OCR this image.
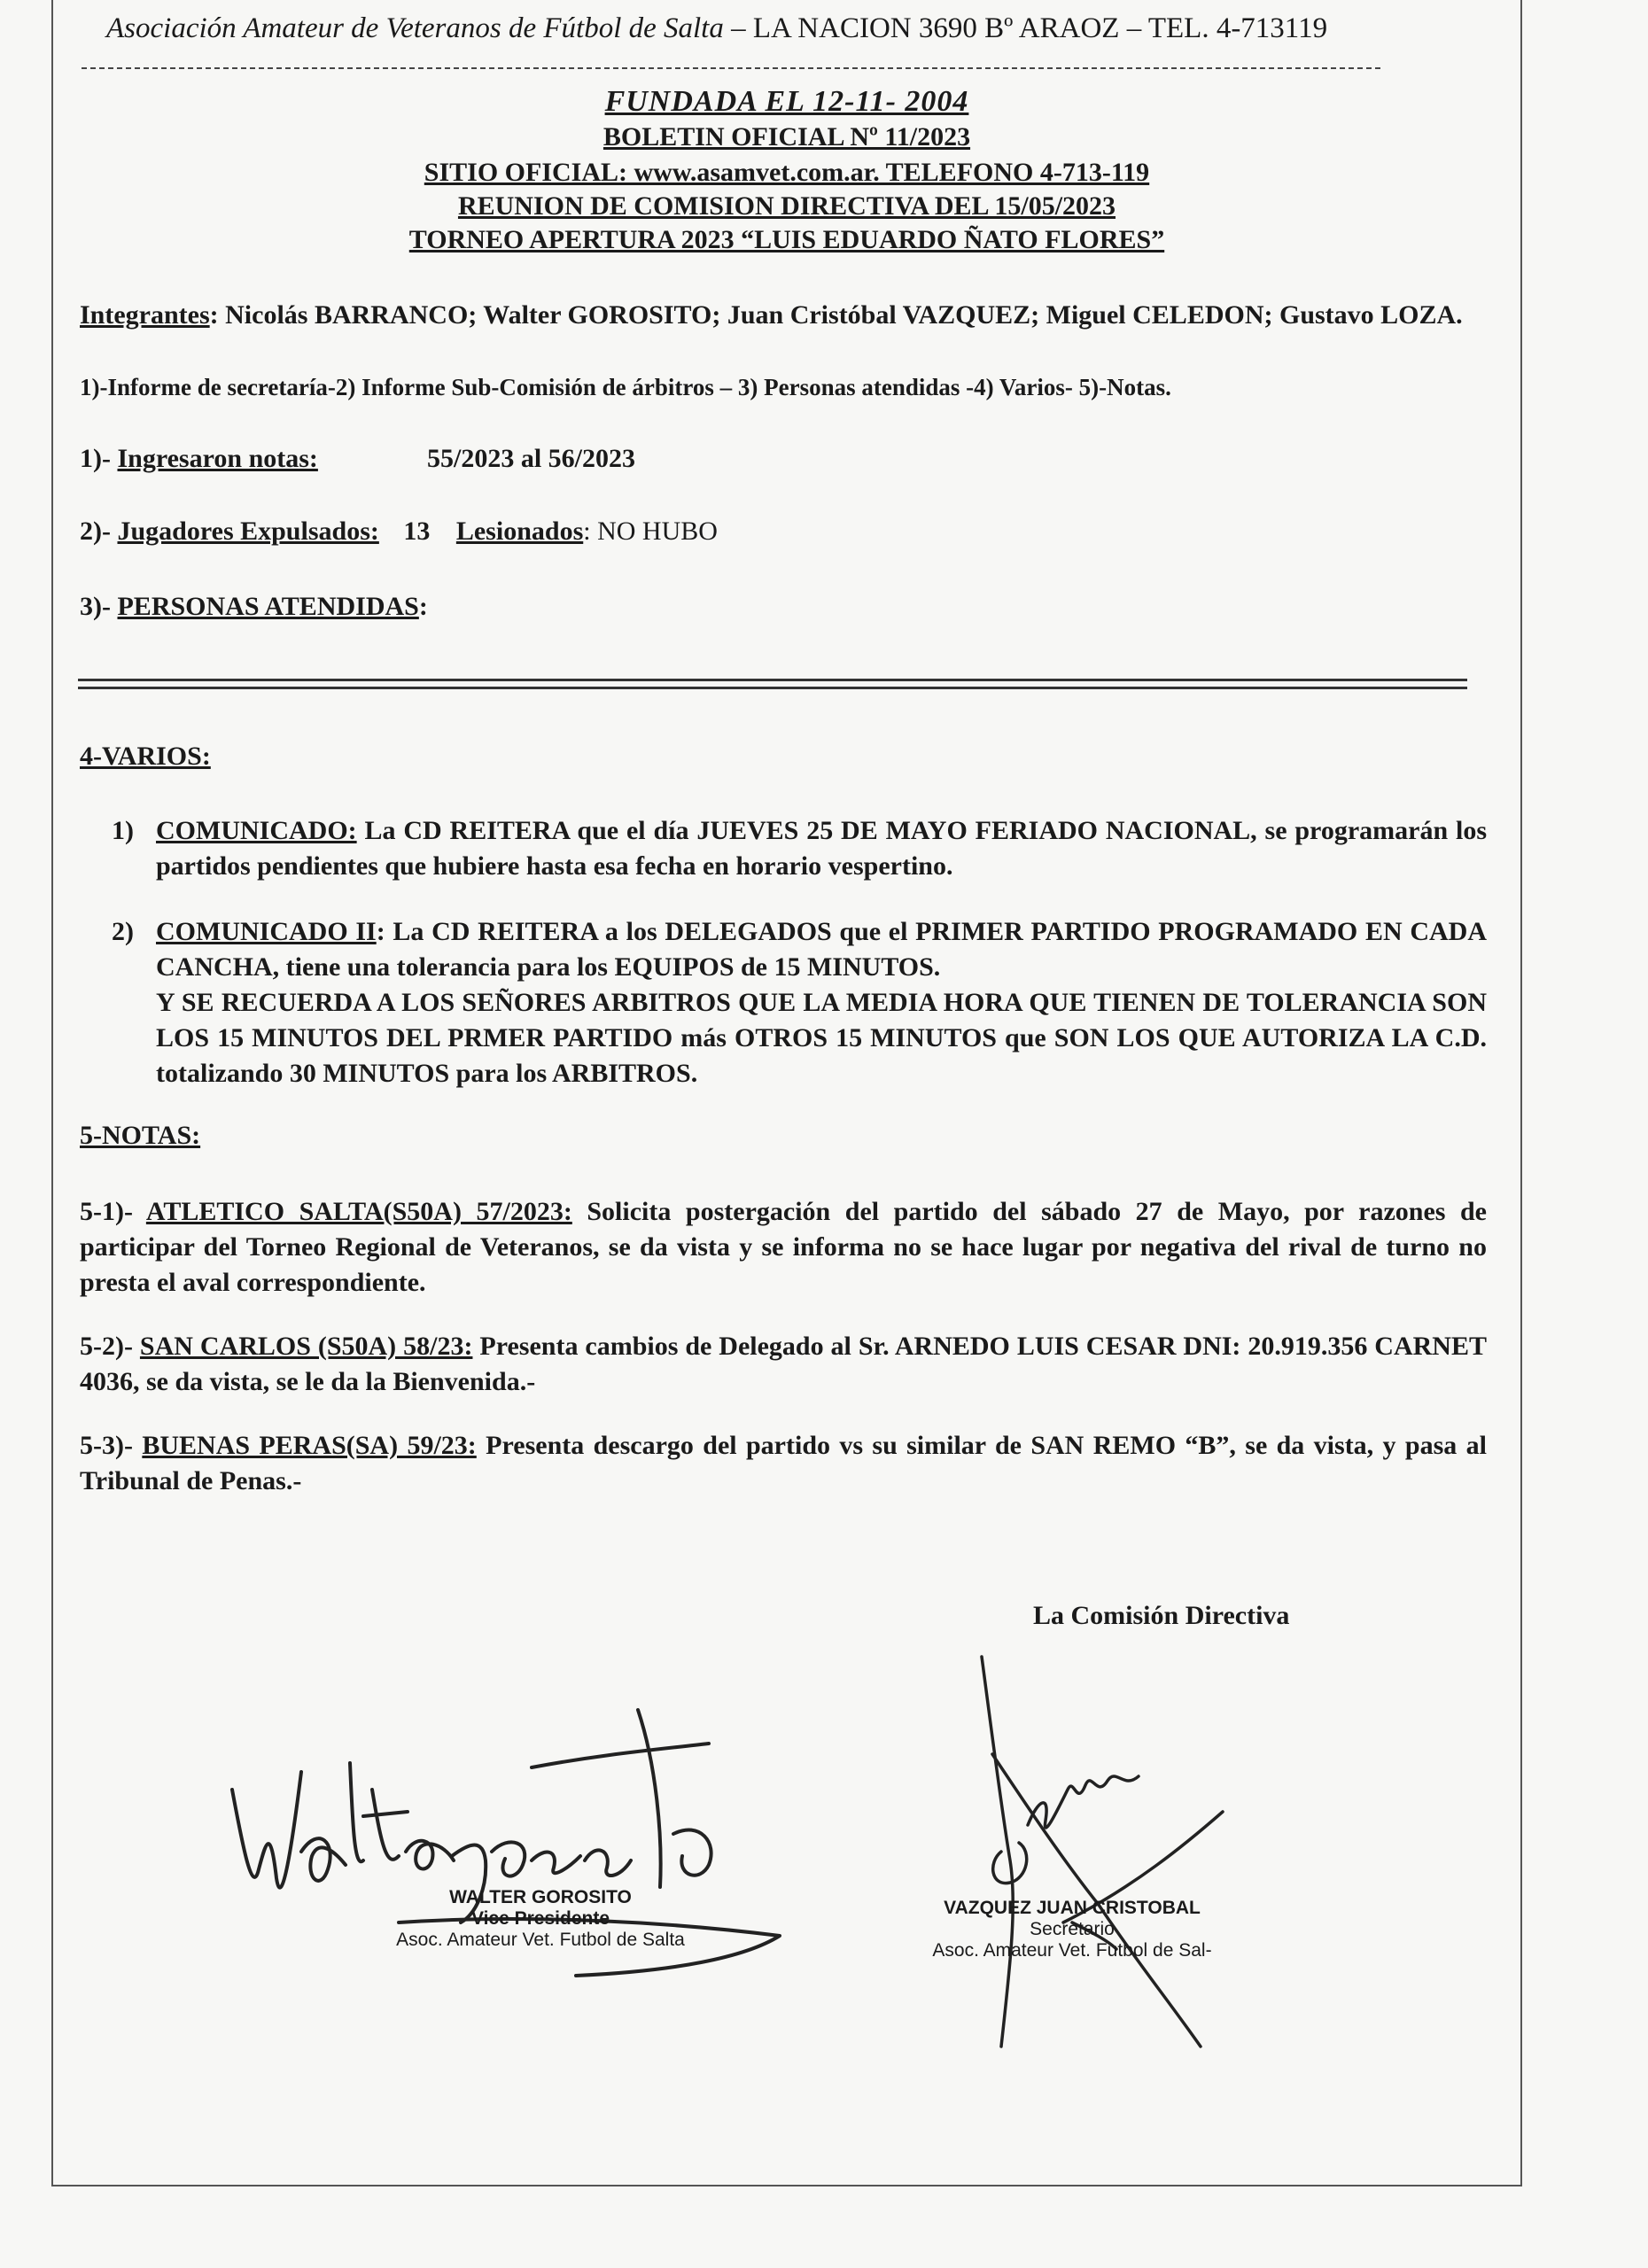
Asociación Amateur de Veteranos de Fútbol de Salta – LA NACION 3690 Bº ARAOZ – TEL. 4-713119
FUNDADA EL 12-11- 2004
BOLETIN OFICIAL Nº 11/2023
SITIO OFICIAL: www.asamvet.com.ar. TELEFONO 4-713-119
REUNION DE COMISION DIRECTIVA DEL 15/05/2023
TORNEO APERTURA 2023 “LUIS EDUARDO ÑATO FLORES”
Integrantes: Nicolás BARRANCO; Walter GOROSITO; Juan Cristóbal VAZQUEZ; Miguel CELEDON; Gustavo LOZA.
1)-Informe de secretaría-2) Informe Sub-Comisión de árbitros – 3) Personas atendidas -4) Varios- 5)-Notas.
1)- Ingresaron notas:	55/2023 al 56/2023
2)- Jugadores Expulsados: 13 Lesionados: NO HUBO
3)- PERSONAS ATENDIDAS:
4-VARIOS:
1) COMUNICADO: La CD REITERA que el día JUEVES 25 DE MAYO FERIADO NACIONAL, se programarán los partidos pendientes que hubiere hasta esa fecha en horario vespertino.
2) COMUNICADO II: La CD REITERA a los DELEGADOS que el PRIMER PARTIDO PROGRAMADO EN CADA CANCHA, tiene una tolerancia para los EQUIPOS de 15 MINUTOS.
Y SE RECUERDA A LOS SEÑORES ARBITROS QUE LA MEDIA HORA QUE TIENEN DE TOLERANCIA SON LOS 15 MINUTOS DEL PRMER PARTIDO más OTROS 15 MINUTOS que SON LOS QUE AUTORIZA LA C.D. totalizando 30 MINUTOS para los ARBITROS.
5-NOTAS:
5-1)- ATLETICO SALTA(S50A) 57/2023: Solicita postergación del partido del sábado 27 de Mayo, por razones de participar del Torneo Regional de Veteranos, se da vista y se informa no se hace lugar por negativa del rival de turno no presta el aval correspondiente.
5-2)- SAN CARLOS (S50A) 58/23: Presenta cambios de Delegado al Sr. ARNEDO LUIS CESAR DNI: 20.919.356 CARNET 4036, se da vista, se le da la Bienvenida.-
5-3)- BUENAS PERAS(SA) 59/23: Presenta descargo del partido vs su similar de SAN REMO “B”, se da vista, y pasa al Tribunal de Penas.-
La Comisión Directiva
WALTER GOROSITO
Vice Presidente
Asoc. Amateur Vet. Futbol de Salta
VAZQUEZ JUAN CRISTOBAL
Secretario
Asoc. Amateur Vet. Futbol de Sal-
